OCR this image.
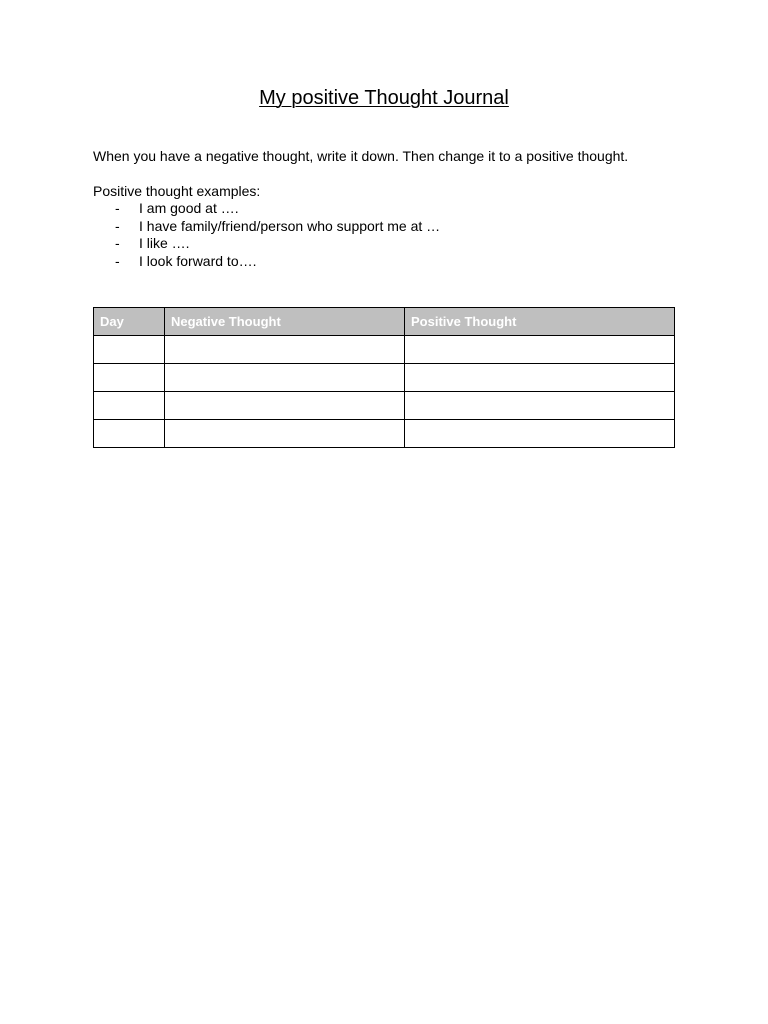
My positive Thought Journal
When you have a negative thought, write it down. Then change it to a positive thought.
Positive thought examples:
- I am good at ….
- I have family/friend/person who support me at …
- I like ….
- I look forward to….
Day	Negative Thought	Positive Thought
